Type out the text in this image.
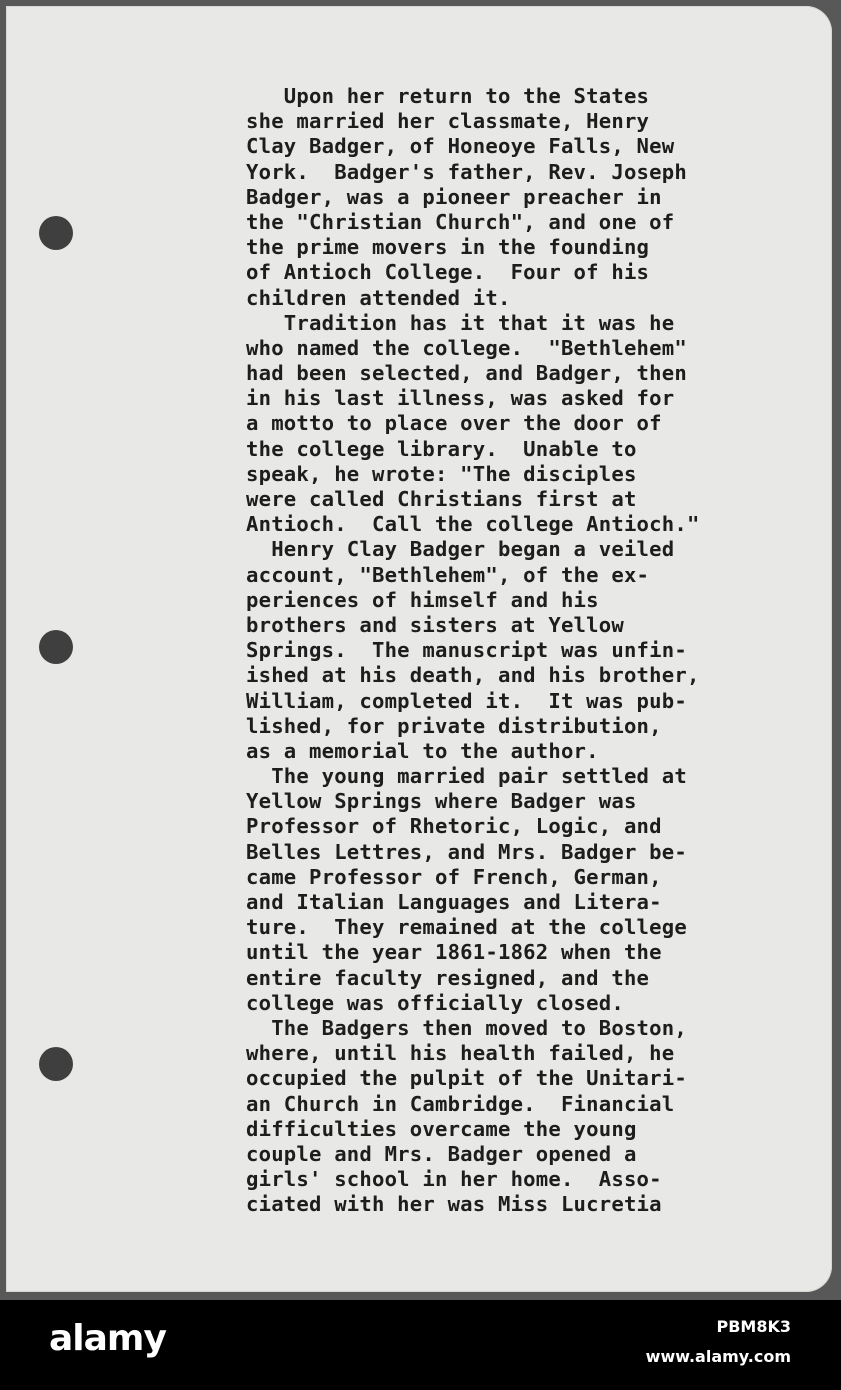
Upon her return to the States
she married her classmate, Henry
Clay Badger, of Honeoye Falls, New
York.  Badger's father, Rev. Joseph
Badger, was a pioneer preacher in
the "Christian Church", and one of
the prime movers in the founding
of Antioch College.  Four of his
children attended it.
Tradition has it that it was he
who named the college.  "Bethlehem"
had been selected, and Badger, then
in his last illness, was asked for
a motto to place over the door of
the college library.  Unable to
speak, he wrote: "The disciples
were called Christians first at
Antioch.  Call the college Antioch."
Henry Clay Badger began a veiled
account, "Bethlehem", of the ex-
periences of himself and his
brothers and sisters at Yellow
Springs.  The manuscript was unfin-
ished at his death, and his brother,
William, completed it.  It was pub-
lished, for private distribution,
as a memorial to the author.
The young married pair settled at
Yellow Springs where Badger was
Professor of Rhetoric, Logic, and
Belles Lettres, and Mrs. Badger be-
came Professor of French, German,
and Italian Languages and Litera-
ture.  They remained at the college
until the year 1861-1862 when the
entire faculty resigned, and the
college was officially closed.
The Badgers then moved to Boston,
where, until his health failed, he
occupied the pulpit of the Unitari-
an Church in Cambridge.  Financial
difficulties overcame the young
couple and Mrs. Badger opened a
girls' school in her home.  Asso-
ciated with her was Miss Lucretia
alamy	PBM8K3
www.alamy.com
